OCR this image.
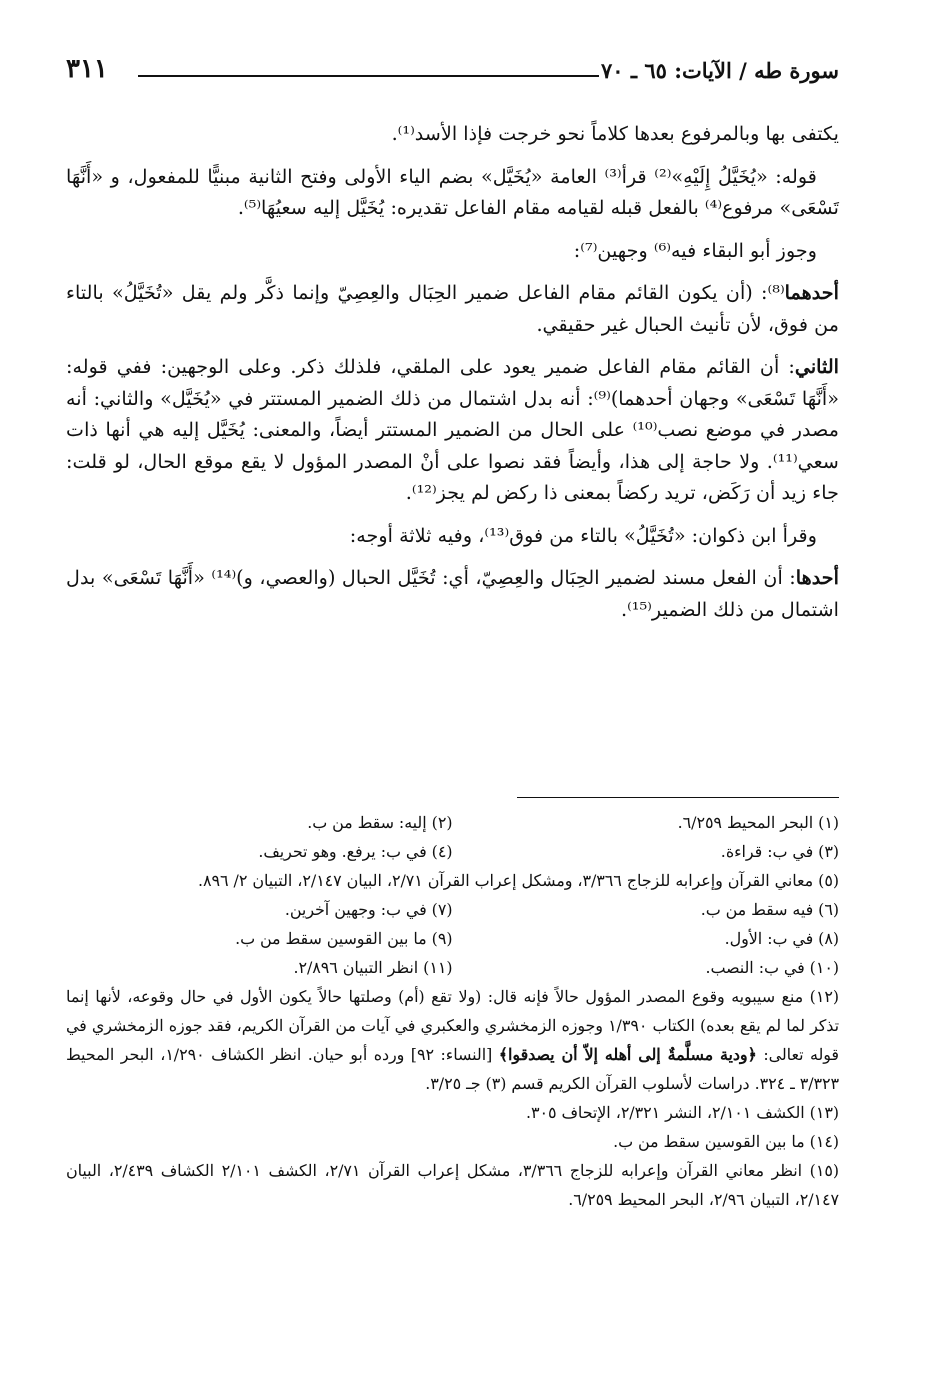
سورة طه / الآيات: ٦٥ ـ ٧٠
٣١١

يكتفى بها وبالمرفوع بعدها كلاماً نحو خرجت فإذا الأسد⁽¹⁾.

قوله: «يُخَيَّلُ إِلَيْهِ»⁽²⁾ قرأ⁽³⁾ العامة «يُخَيَّل» بضم الياء الأولى وفتح الثانية مبنيًّا للمفعول، و «أَنَّهَا تَسْعَى» مرفوع⁽⁴⁾ بالفعل قبله لقيامه مقام الفاعل تقديره: يُخَيَّل إليه سعيُهَا⁽⁵⁾.

وجوز أبو البقاء فيه⁽⁶⁾ وجهين⁽⁷⁾:

أحدهما⁽⁸⁾: (أن يكون القائم مقام الفاعل ضمير الحِبَال والعِصِيّ وإنما ذكَّر ولم يقل «تُخَيَّلُ» بالتاء من فوق، لأن تأنيث الحبال غير حقيقي.

الثاني: أن القائم مقام الفاعل ضمير يعود على الملقي، فلذلك ذكر. وعلى الوجهين: ففي قوله: «أَنَّهَا تَسْعَى» وجهان أحدهما)⁽⁹⁾: أنه بدل اشتمال من ذلك الضمير المستتر في «يُخَيَّل» والثاني: أنه مصدر في موضع نصب⁽¹⁰⁾ على الحال من الضمير المستتر أيضاً، والمعنى: يُخَيَّل إليه هي أنها ذات سعي⁽¹¹⁾. ولا حاجة إلى هذا، وأيضاً فقد نصوا على أنْ المصدر المؤول لا يقع موقع الحال، لو قلت: جاء زيد أن رَكَض، تريد ركضاً بمعنى ذا ركض لم يجز⁽¹²⁾.

وقرأ ابن ذكوان: «تُخَيَّلُ» بالتاء من فوق⁽¹³⁾، وفيه ثلاثة أوجه:

أحدها: أن الفعل مسند لضمير الحِبَال والعِصِيّ، أي: تُخَيَّل الحبال (والعصي، و)⁽¹⁴⁾ «أَنَّهَا تَسْعَى» بدل اشتمال من ذلك الضمير⁽¹⁵⁾.

(١) البحر المحيط ٦/٢٥٩.
(٢) إليه: سقط من ب.
(٣) في ب: قراءة.
(٤) في ب: يرفع. وهو تحريف.
(٥) معاني القرآن وإعرابه للزجاج ٣/٣٦٦، ومشكل إعراب القرآن ٢/٧١، البيان ٢/١٤٧، التبيان ٢/ ٨٩٦.
(٦) فيه سقط من ب.
(٧) في ب: وجهين آخرين.
(٨) في ب: الأول.
(٩) ما بين القوسين سقط من ب.
(١٠) في ب: النصب.
(١١) انظر التبيان ٢/٨٩٦.
(١٢) منع سيبويه وقوع المصدر المؤول حالاً فإنه قال: (ولا تقع (أم) وصلتها حالاً يكون الأول في حال وقوعه، لأنها إنما تذكر لما لم يقع بعده) الكتاب ١/٣٩٠ وجوزه الزمخشري والعكبري في آيات من القرآن الكريم، فقد جوزه الزمخشري في قوله تعالى: ﴿ودية مسلَّمةٌ إلى أهله إلاّ أن يصدقوا﴾ [النساء: ٩٢] ورده أبو حيان. انظر الكشاف ١/٢٩٠، البحر المحيط ٣/٣٢٣ ـ ٣٢٤. دراسات لأسلوب القرآن الكريم قسم (٣) جـ ٣/٢٥.
(١٣) الكشف ٢/١٠١، النشر ٢/٣٢١، الإتحاف ٣٠٥.
(١٤) ما بين القوسين سقط من ب.
(١٥) انظر معاني القرآن وإعرابه للزجاج ٣/٣٦٦، مشكل إعراب القرآن ٢/٧١، الكشف ٢/١٠١ الكشاف ٢/٤٣٩، البيان ٢/١٤٧، التبيان ٢/٩٦، البحر المحيط ٦/٢٥٩.
